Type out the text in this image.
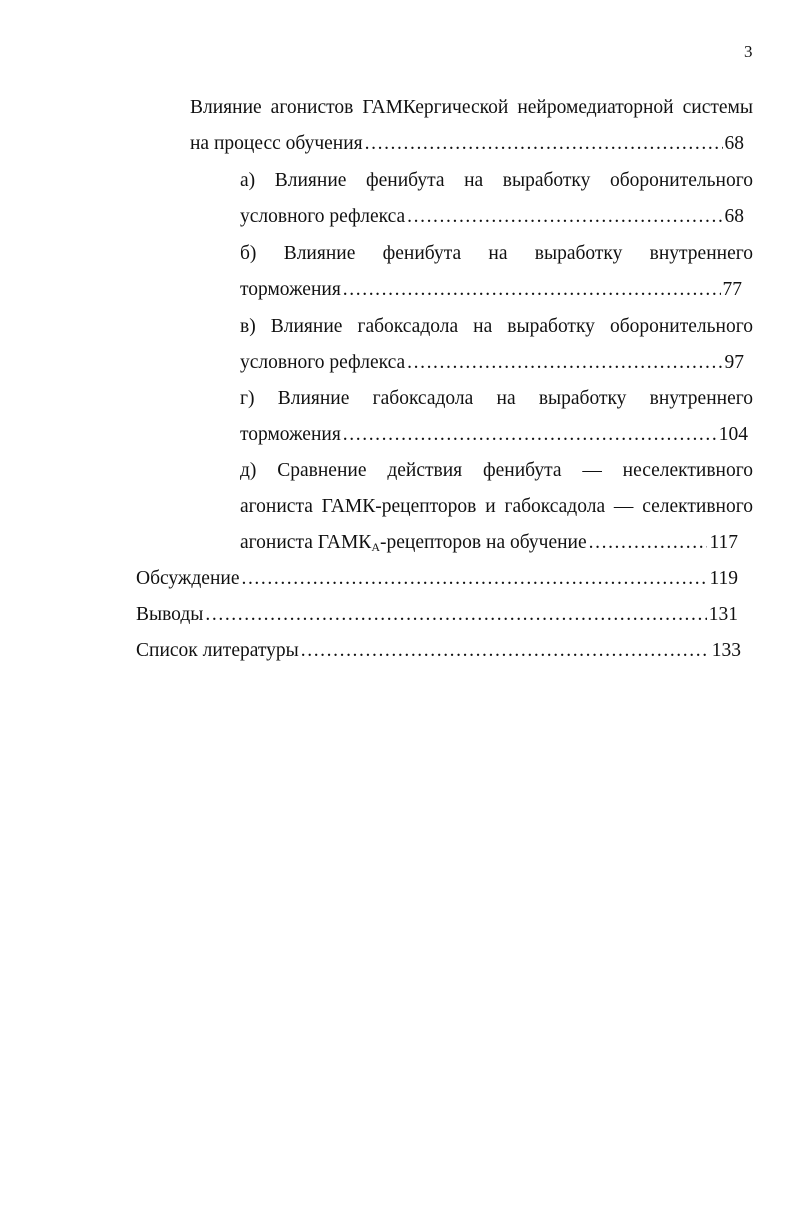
3
Влияние агонистов ГАМКергической нейромедиаторной системы
на процесс обучения .....	68
а) Влияние фенибута на выработку оборонительного
условного рефлекса .....	68
б) Влияние фенибута на выработку внутреннего
торможения .....	77
в) Влияние габоксадола на выработку оборонительного
условного рефлекса .....	97
г) Влияние габоксадола на выработку внутреннего
торможения .....	104
д) Сравнение действия фенибута — неселективного
агониста ГАМК-рецепторов и габоксадола — селективного
агониста $ГАМК_А$-рецепторов на обучение .....	117
Обсуждение .....	119
Выводы .....	131
Список литературы .....	133
